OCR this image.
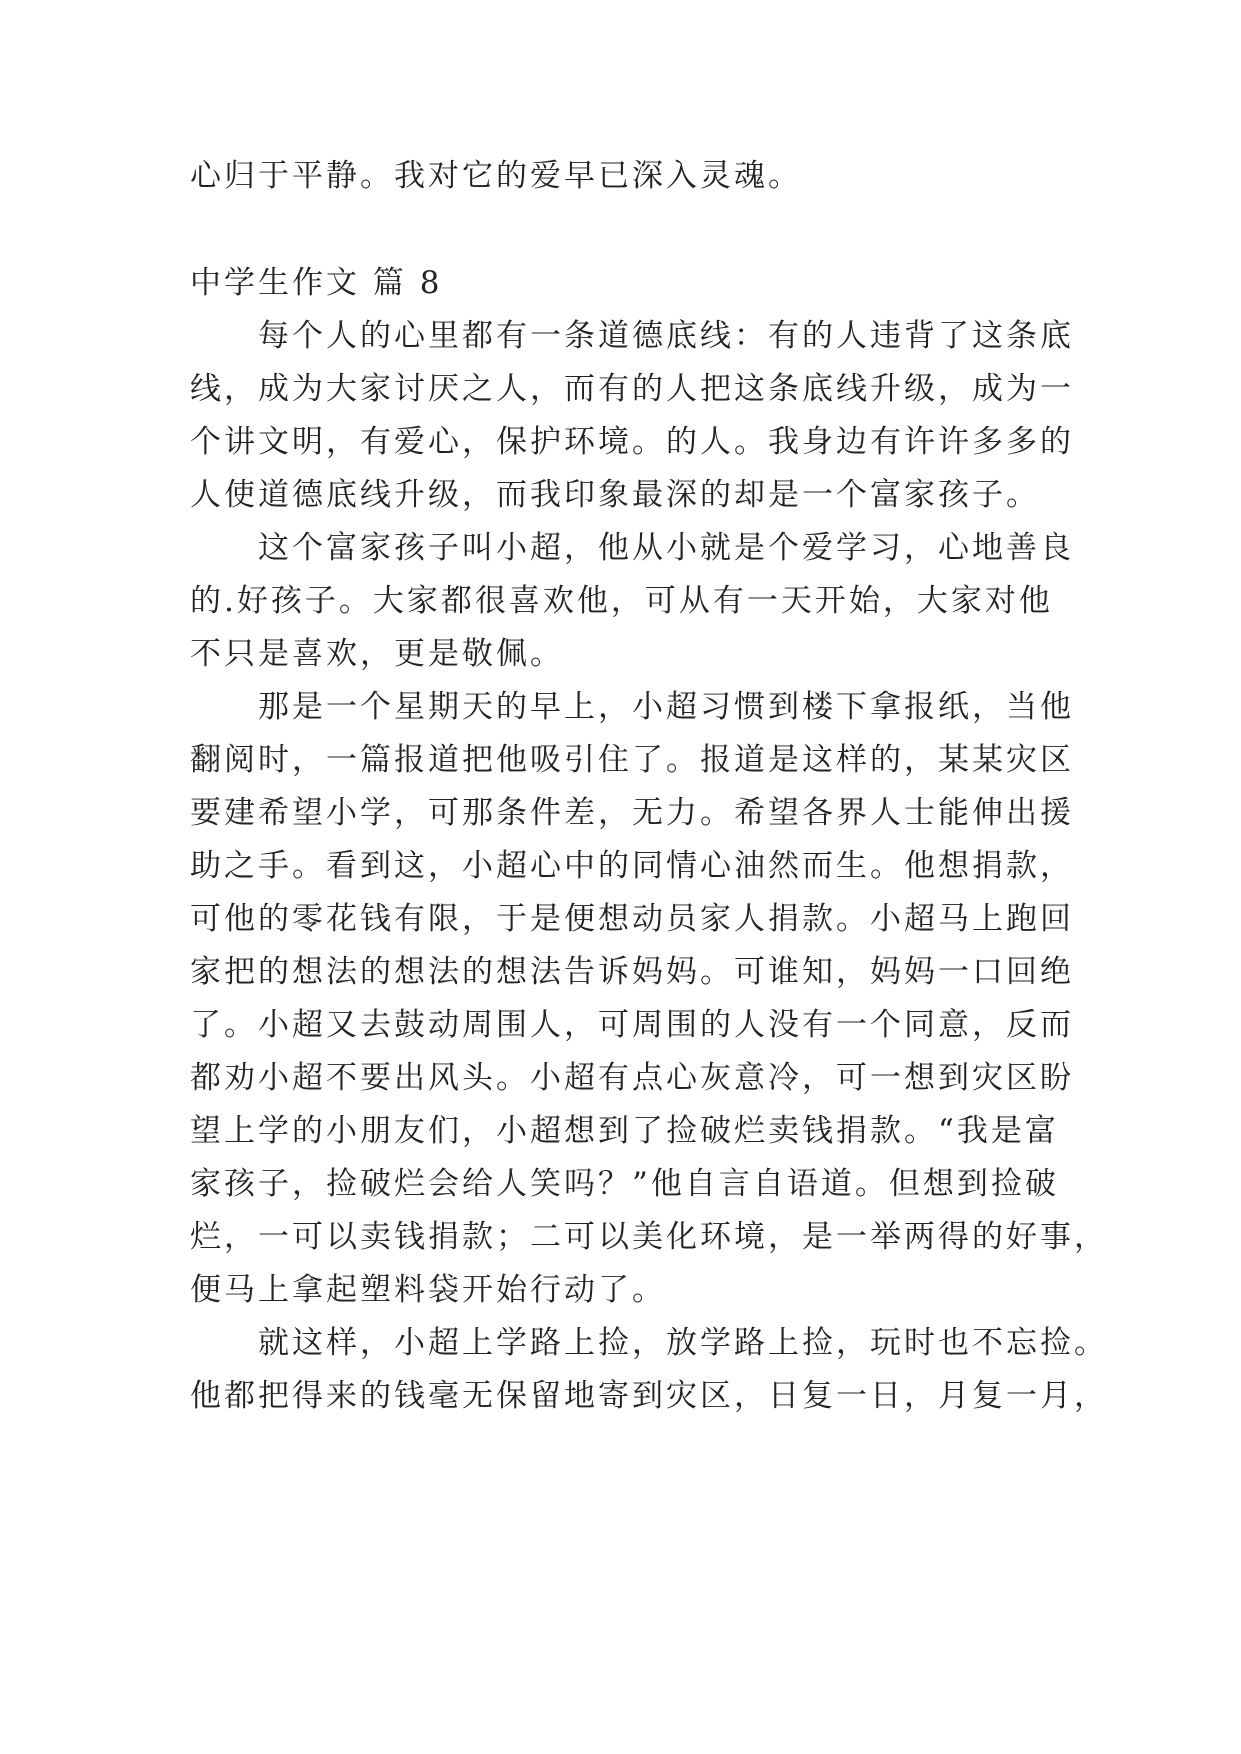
心归于平静。我对它的爱早已深入灵魂。
中学生作文 篇 8
每个人的心里都有一条道德底线：有的人违背了这条底
线，成为大家讨厌之人，而有的人把这条底线升级，成为一
个讲文明，有爱心，保护环境。的人。我身边有许许多多的
人使道德底线升级，而我印象最深的却是一个富家孩子。
这个富家孩子叫小超，他从小就是个爱学习，心地善良
的.好孩子。大家都很喜欢他，可从有一天开始，大家对他
不只是喜欢，更是敬佩。
那是一个星期天的早上，小超习惯到楼下拿报纸，当他
翻阅时，一篇报道把他吸引住了。报道是这样的，某某灾区
要建希望小学，可那条件差，无力。希望各界人士能伸出援
助之手。看到这，小超心中的同情心油然而生。他想捐款，
可他的零花钱有限，于是便想动员家人捐款。小超马上跑回
家把的想法的想法的想法告诉妈妈。可谁知，妈妈一口回绝
了。小超又去鼓动周围人，可周围的人没有一个同意，反而
都劝小超不要出风头。小超有点心灰意冷，可一想到灾区盼
望上学的小朋友们，小超想到了捡破烂卖钱捐款。“我是富
家孩子，捡破烂会给人笑吗？”他自言自语道。但想到捡破
烂，一可以卖钱捐款；二可以美化环境，是一举两得的好事，
便马上拿起塑料袋开始行动了。
就这样，小超上学路上捡，放学路上捡，玩时也不忘捡。
他都把得来的钱毫无保留地寄到灾区，日复一日，月复一月，
